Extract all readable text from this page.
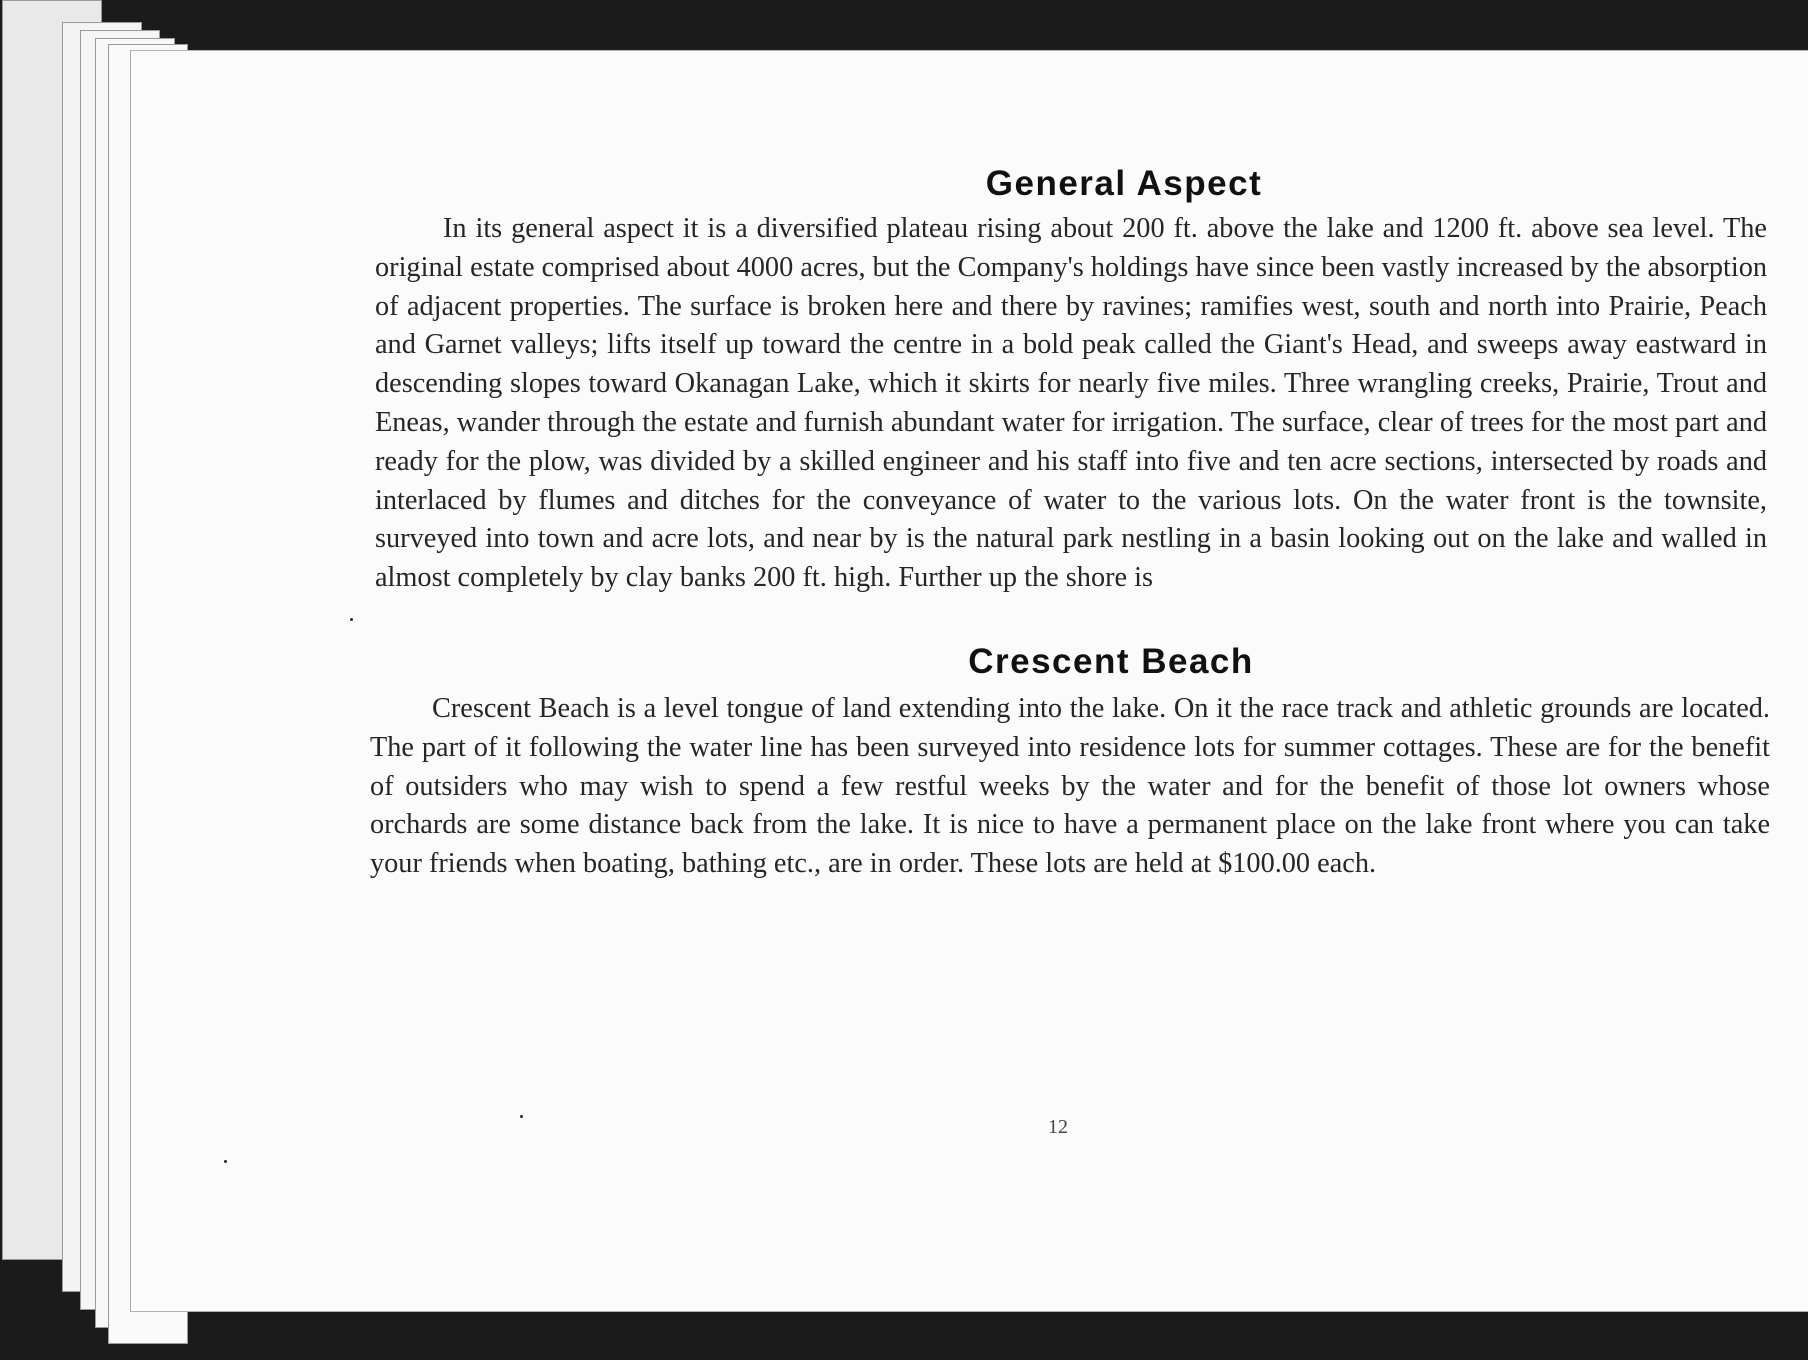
General Aspect

In its general aspect it is a diversified plateau rising about 200 ft. above the lake and 1200 ft. above sea level. The original estate comprised about 4000 acres, but the Company's holdings have since been vastly increased by the absorption of adjacent properties. The surface is broken here and there by ravines; ramifies west, south and north into Prairie, Peach and Garnet valleys; lifts itself up toward the centre in a bold peak called the Giant's Head, and sweeps away eastward in descending slopes toward Okanagan Lake, which it skirts for nearly five miles. Three wrangling creeks, Prairie, Trout and Eneas, wander through the estate and furnish abundant water for irrigation. The surface, clear of trees for the most part and ready for the plow, was divided by a skilled engineer and his staff into five and ten acre sections, intersected by roads and interlaced by flumes and ditches for the conveyance of water to the various lots. On the water front is the townsite, surveyed into town and acre lots, and near by is the natural park nestling in a basin looking out on the lake and walled in almost completely by clay banks 200 ft. high. Further up the shore is

Crescent Beach

Crescent Beach is a level tongue of land extending into the lake. On it the race track and athletic grounds are located. The part of it following the water line has been surveyed into residence lots for summer cottages. These are for the benefit of outsiders who may wish to spend a few restful weeks by the water and for the benefit of those lot owners whose orchards are some distance back from the lake. It is nice to have a permanent place on the lake front where you can take your friends when boating, bathing etc., are in order. These lots are held at $100.00 each.

12
